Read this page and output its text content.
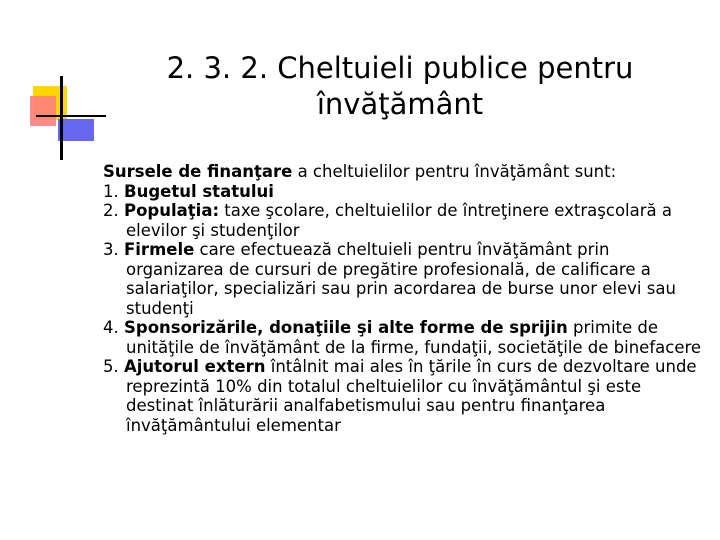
2. 3. 2. Cheltuieli publice pentru
învăţământ

Sursele de finanţare a cheltuielilor pentru învăţământ sunt:

1. Bugetul statului

2. Populaţia: taxe şcolare, cheltuielilor de întreţinere extraşcolară a elevilor şi studenţilor

3. Firmele care efectuează cheltuieli pentru învăţământ prin organizarea de cursuri de pregătire profesională, de calificare a salariaţilor, specializări sau prin acordarea de burse unor elevi sau studenţi

4. Sponsorizările, donaţiile şi alte forme de sprijin primite de unităţile de învăţământ de la firme, fundaţii, societăţile de binefacere

5. Ajutorul extern întâlnit mai ales în ţările în curs de dezvoltare unde reprezintă 10% din totalul cheltuielilor cu învăţământul şi este destinat înlăturării analfabetismului sau pentru finanţarea învăţământului elementar
